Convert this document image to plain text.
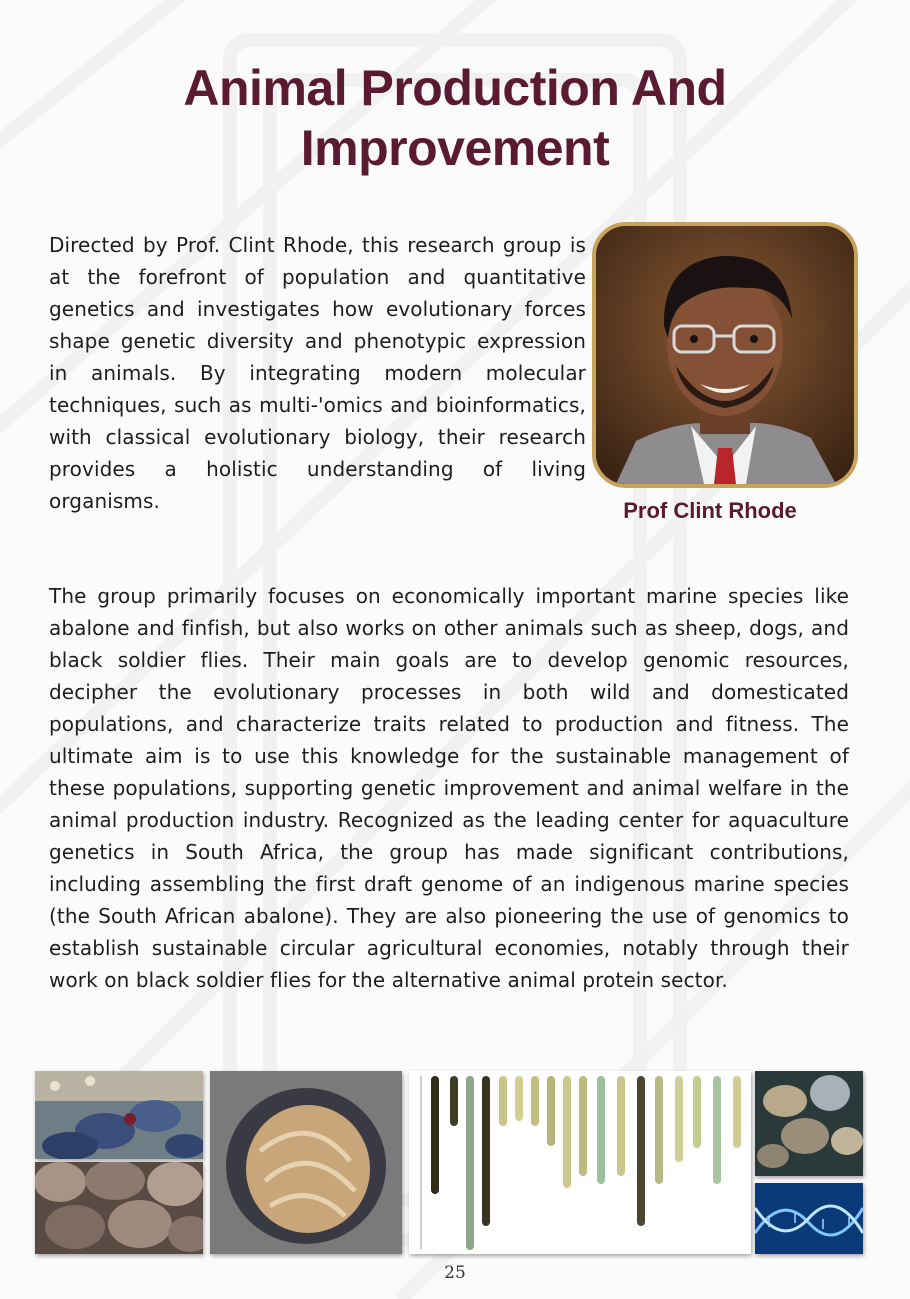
Animal Production And Improvement

Directed by Prof. Clint Rhode, this research group is at the forefront of population and quantitative genetics and investigates how evolutionary forces shape genetic diversity and phenotypic expression in animals. By integrating modern molecular techniques, such as multi-'omics and bioinformatics, with classical evolutionary biology, their research provides a holistic understanding of living organisms.	Prof Clint Rhode

The group primarily focuses on economically important marine species like abalone and finfish, but also works on other animals such as sheep, dogs, and black soldier flies. Their main goals are to develop genomic resources, decipher the evolutionary processes in both wild and domesticated populations, and characterize traits related to production and fitness. The ultimate aim is to use this knowledge for the sustainable management of these populations, supporting genetic improvement and animal welfare in the animal production industry. Recognized as the leading center for aquaculture genetics in South Africa, the group has made significant contributions, including assembling the first draft genome of an indigenous marine species (the South African abalone). They are also pioneering the use of genomics to establish sustainable circular agricultural economies, notably through their work on black soldier flies for the alternative animal protein sector.

25
